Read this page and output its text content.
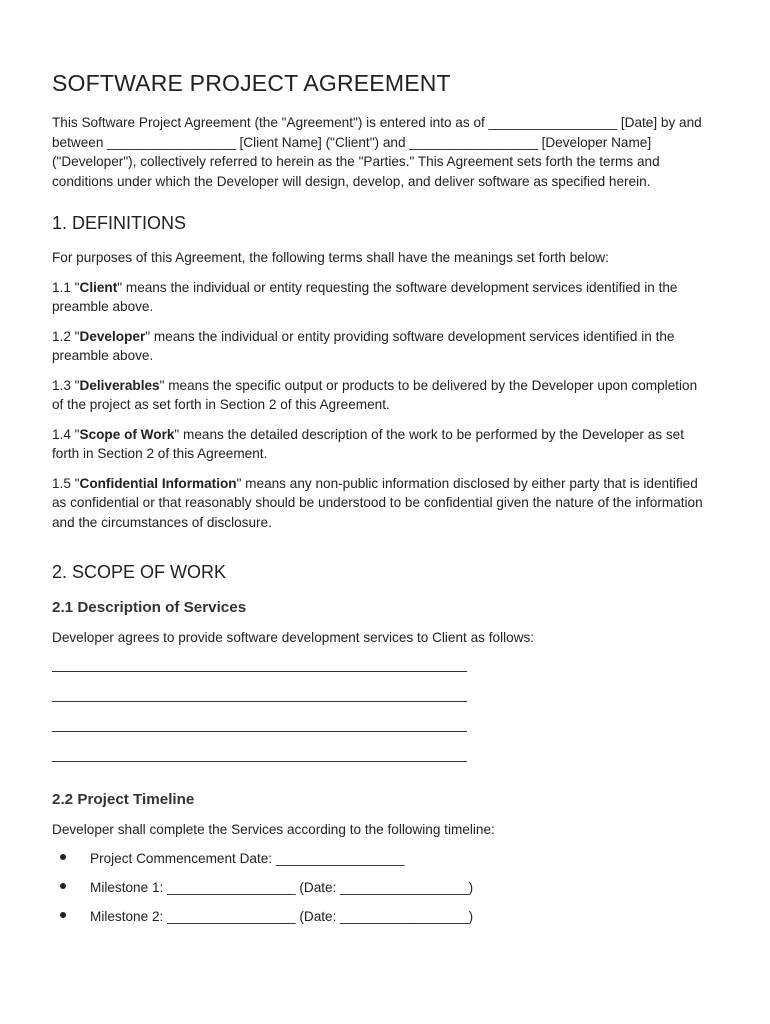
SOFTWARE PROJECT AGREEMENT

This Software Project Agreement (the "Agreement") is entered into as of _________________ [Date] by and between _________________ [Client Name] ("Client") and _________________ [Developer Name] ("Developer"), collectively referred to herein as the "Parties." This Agreement sets forth the terms and conditions under which the Developer will design, develop, and deliver software as specified herein.

1. DEFINITIONS

For purposes of this Agreement, the following terms shall have the meanings set forth below:

1.1 "Client" means the individual or entity requesting the software development services identified in the preamble above.

1.2 "Developer" means the individual or entity providing software development services identified in the preamble above.

1.3 "Deliverables" means the specific output or products to be delivered by the Developer upon completion of the project as set forth in Section 2 of this Agreement.

1.4 "Scope of Work" means the detailed description of the work to be performed by the Developer as set forth in Section 2 of this Agreement.

1.5 "Confidential Information" means any non-public information disclosed by either party that is identified as confidential or that reasonably should be understood to be confidential given the nature of the information and the circumstances of disclosure.

2. SCOPE OF WORK
2.1 Description of Services

Developer agrees to provide software development services to Client as follows:

2.2 Project Timeline

Developer shall complete the Services according to the following timeline:

Project Commencement Date: _________________
Milestone 1: _________________ (Date: _________________)
Milestone 2: _________________ (Date: _________________)
